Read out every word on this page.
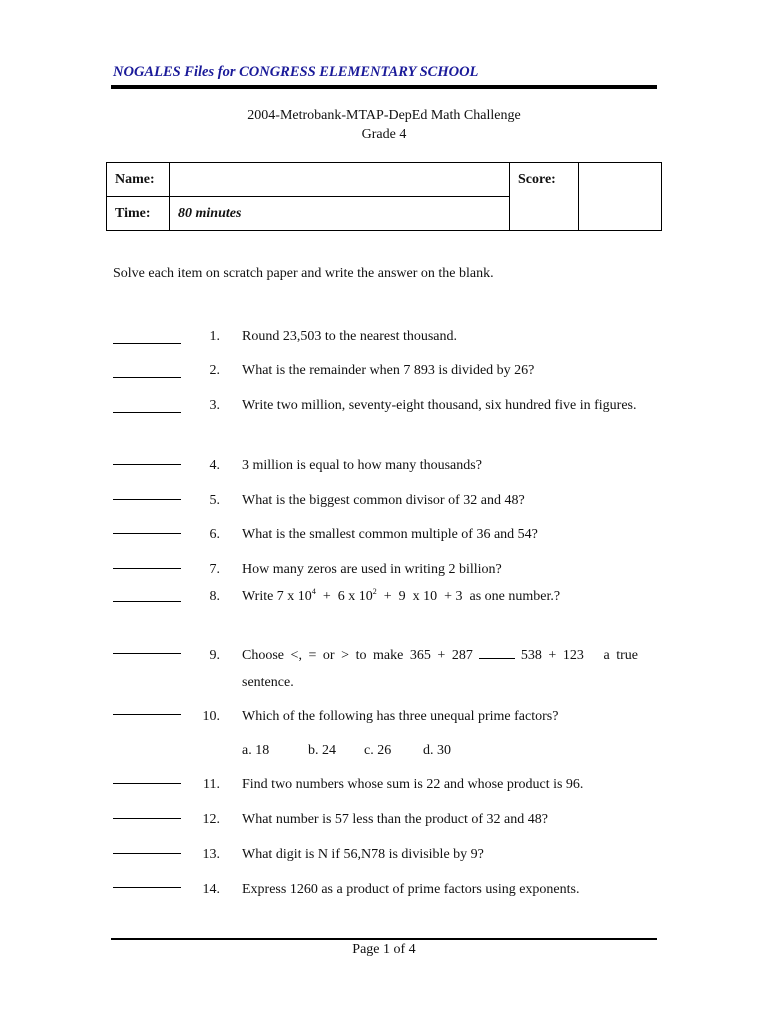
NOGALES Files for CONGRESS ELEMENTARY SCHOOL
2004-Metrobank-MTAP-DepEd Math Challenge
Grade 4
Name:		Score:	
Time:	80 minutes		
Solve each item on scratch paper and write the answer on the blank.
1. Round 23,503 to the nearest thousand.
2. What is the remainder when 7 893 is divided by 26?
3. Write two million, seventy-eight thousand, six hundred five in figures.
4. 3 million is equal to how many thousands?
5. What is the biggest common divisor of 32 and 48?
6. What is the smallest common multiple of 36 and 54?
7. How many zeros are used in writing 2 billion?
8. Write 7 x $10^4 + 6$ x $10^2 + 9$  x 10  + 3  as one number.?
9. Choose <, = or > to make 365 + 287	538 + 123   a true sentence.
10. Which of the following has three unequal prime factors?
a. 18	b. 24 c. 26 d. 30
11. Find two numbers whose sum is 22 and whose product is 96.
12. What number is 57 less than the product of 32 and 48?
13. What digit is N if 56,N78 is divisible by 9?
14. Express 1260 as a product of prime factors using exponents.
Page 1 of 4
